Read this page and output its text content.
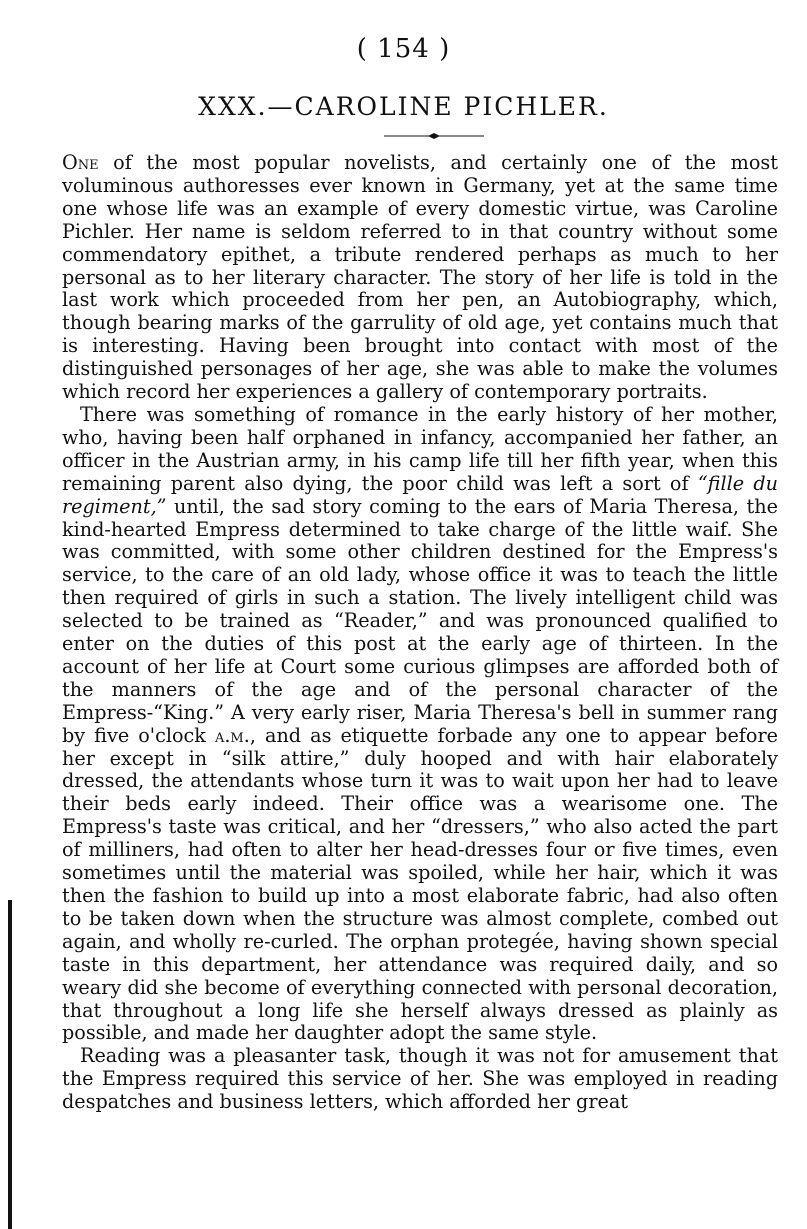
( 154 )
XXX.—CAROLINE PICHLER.

One of the most popular novelists, and certainly one of the most voluminous authoresses ever known in Germany, yet at the same time one whose life was an example of every domestic virtue, was Caroline Pichler. Her name is seldom referred to in that country without some commendatory epithet, a tribute rendered perhaps as much to her personal as to her literary character. The story of her life is told in the last work which proceeded from her pen, an Autobiography, which, though bearing marks of the garrulity of old age, yet contains much that is interesting. Having been brought into contact with most of the distinguished personages of her age, she was able to make the volumes which record her experiences a gallery of contemporary portraits.

There was something of romance in the early history of her mother, who, having been half orphaned in infancy, accompanied her father, an officer in the Austrian army, in his camp life till her fifth year, when this remaining parent also dying, the poor child was left a sort of “fille du regiment,” until, the sad story coming to the ears of Maria Theresa, the kind-hearted Empress determined to take charge of the little waif. She was committed, with some other children destined for the Empress's service, to the care of an old lady, whose office it was to teach the little then required of girls in such a station. The lively intelligent child was selected to be trained as “Reader,” and was pronounced qualified to enter on the duties of this post at the early age of thirteen. In the account of her life at Court some curious glimpses are afforded both of the manners of the age and of the personal character of the Empress-“King.” A very early riser, Maria Theresa's bell in summer rang by five o'clock a.m., and as etiquette forbade any one to appear before her except in “silk attire,” duly hooped and with hair elaborately dressed, the attendants whose turn it was to wait upon her had to leave their beds early indeed. Their office was a wearisome one. The Empress's taste was critical, and her “dressers,” who also acted the part of milliners, had often to alter her head-dresses four or five times, even sometimes until the material was spoiled, while her hair, which it was then the fashion to build up into a most elaborate fabric, had also often to be taken down when the structure was almost complete, combed out again, and wholly re-curled. The orphan protegée, having shown special taste in this department, her attendance was required daily, and so weary did she become of everything connected with personal decoration, that throughout a long life she herself always dressed as plainly as possible, and made her daughter adopt the same style.

Reading was a pleasanter task, though it was not for amusement that the Empress required this service of her. She was employed in reading despatches and business letters, which afforded her great
